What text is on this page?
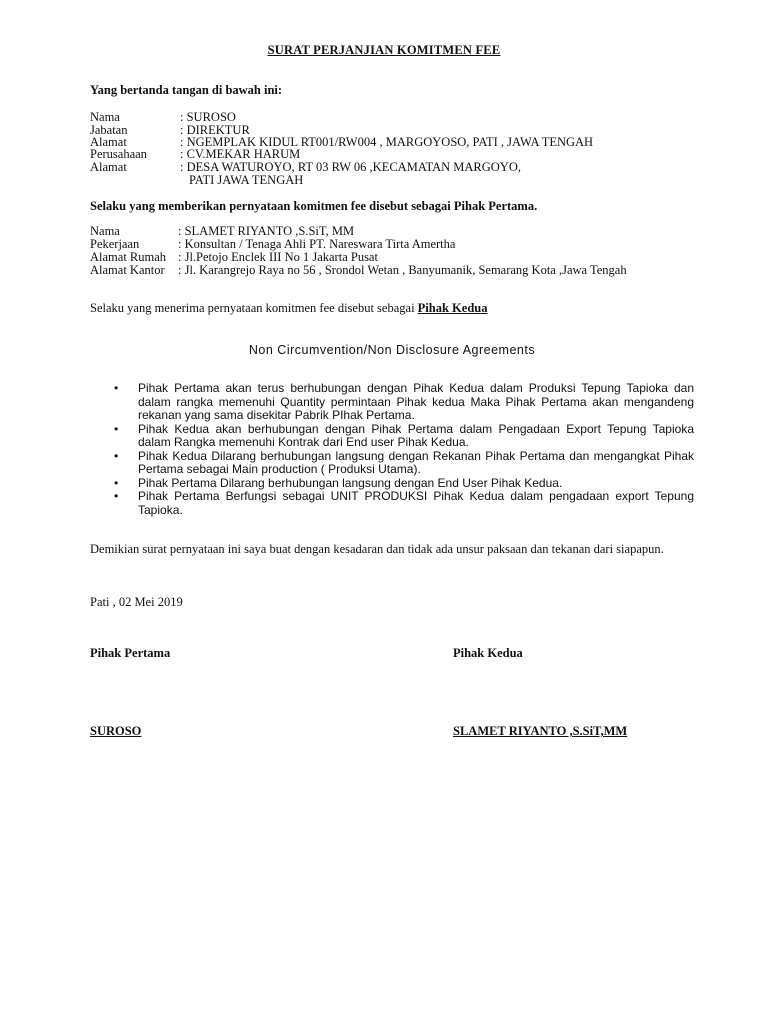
SURAT PERJANJIAN KOMITMEN FEE
Yang bertanda tangan di bawah ini:
Nama	: SUROSO
Jabatan	: DIREKTUR
Alamat	: NGEMPLAK KIDUL RT001/RW004 , MARGOYOSO, PATI , JAWA TENGAH
Perusahaan	: CV.MEKAR HARUM
Alamat	: DESA WATUROYO, RT 03 RW 06 ,KECAMATAN MARGOYO,
PATI JAWA TENGAH
Selaku yang memberikan pernyataan komitmen fee disebut sebagai Pihak Pertama.
Nama	: SLAMET RIYANTO ,S.SiT, MM
Pekerjaan	: Konsultan / Tenaga Ahli PT. Nareswara Tirta Amertha
Alamat Rumah : Jl.Petojo Enclek III No 1 Jakarta Pusat
Alamat Kantor : Jl. Karangrejo Raya no 56 , Srondol Wetan , Banyumanik, Semarang Kota ,Jawa Tengah
Selaku yang menerima pernyataan komitmen fee disebut sebagai Pihak Kedua
Non Circumvention/Non Disclosure Agreements
• Pihak Pertama akan terus berhubungan dengan Pihak Kedua dalam Produksi Tepung Tapioka dan dalam rangka memenuhi Quantity permintaan Pihak kedua Maka Pihak Pertama akan mengandeng rekanan yang sama disekitar Pabrik PIhak Pertama.
• Pihak Kedua akan berhubungan dengan Pihak Pertama dalam Pengadaan Export Tepung Tapioka dalam Rangka memenuhi Kontrak dari End user Pihak Kedua.
• Pihak Kedua Dilarang berhubungan langsung dengan Rekanan Pihak Pertama dan mengangkat Pihak Pertama sebagai Main production ( Produksi Utama).
• Pihak Pertama Dilarang berhubungan langsung dengan End User Pihak Kedua.
• Pihak Pertama Berfungsi sebagai UNIT PRODUKSI Pihak Kedua dalam pengadaan export Tepung Tapioka.
Demikian surat pernyataan ini saya buat dengan kesadaran dan tidak ada unsur paksaan dan tekanan dari siapapun.
Pati , 02 Mei 2019
Pihak Pertama	Pihak Kedua
SUROSO	SLAMET RIYANTO ,S.SiT,MM
